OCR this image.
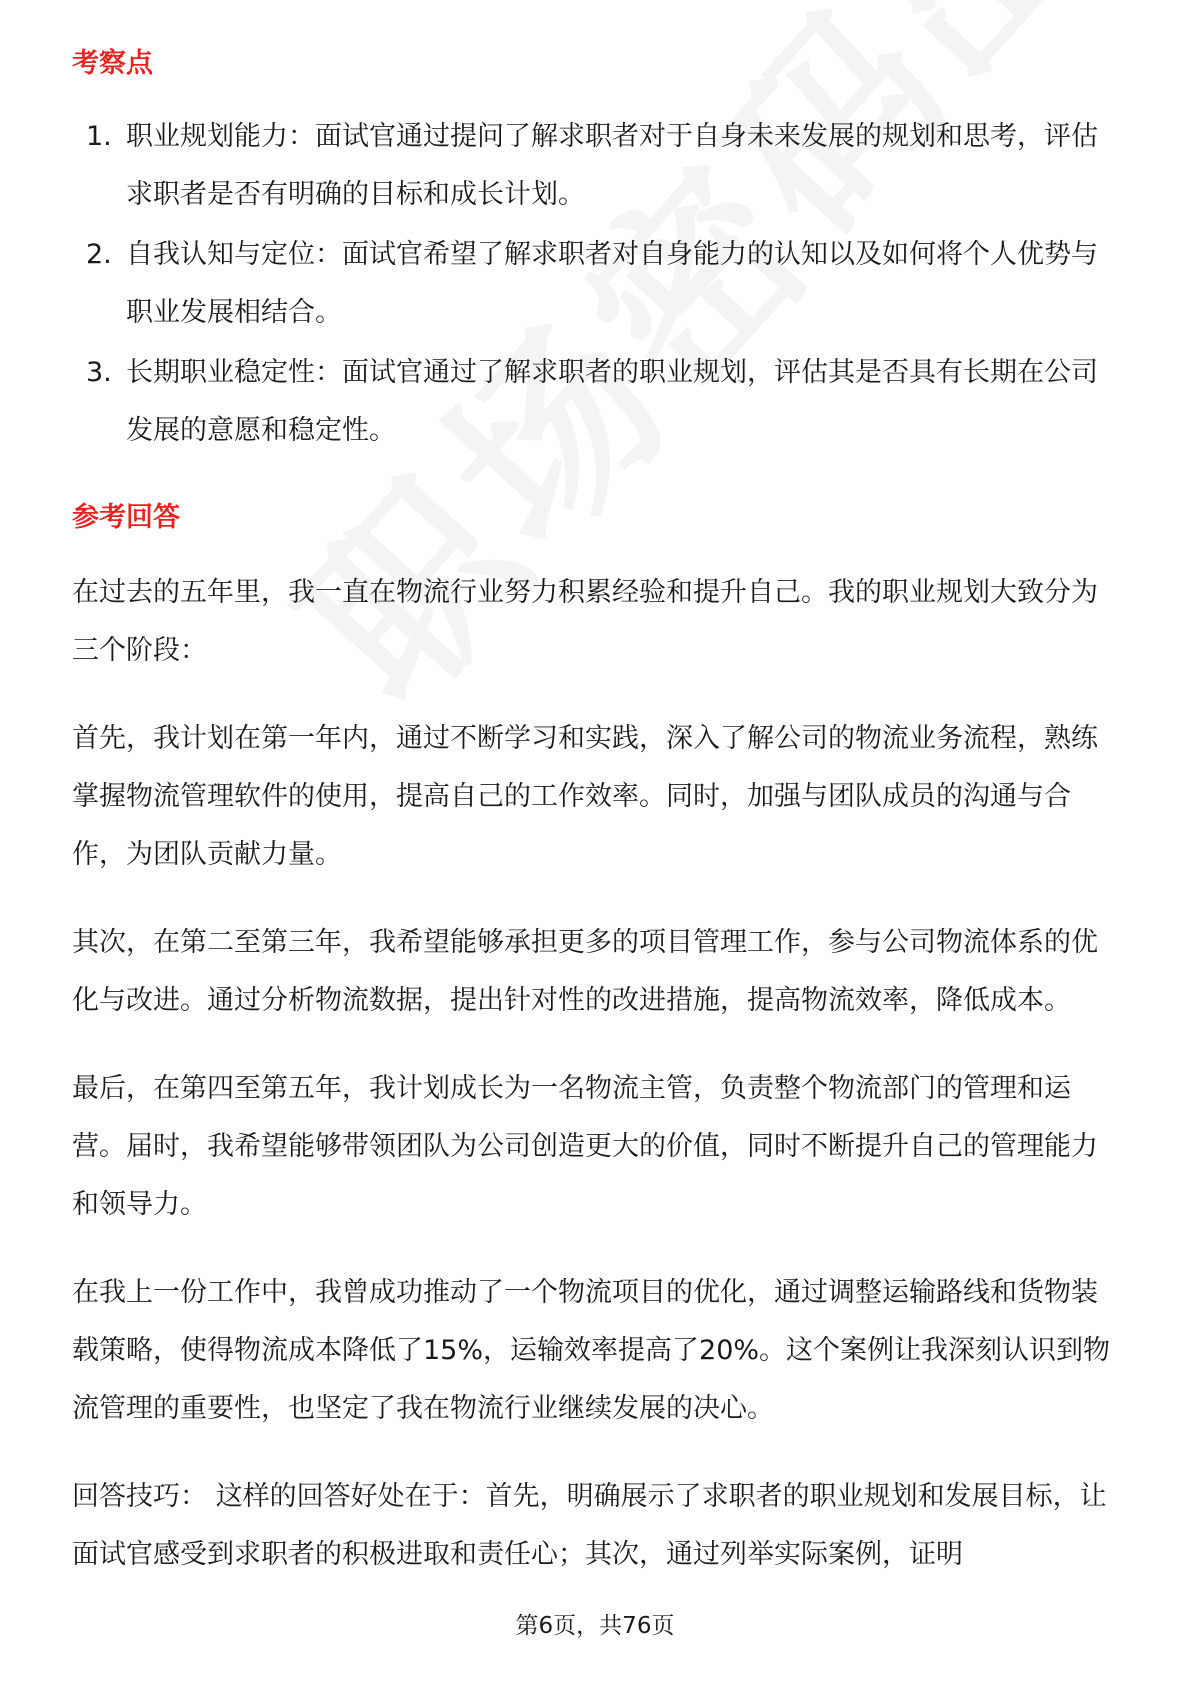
考察点
1. 职业规划能力：面试官通过提问了解求职者对于自身未来发展的规划和思考，评估求职者是否有明确的目标和成长计划。
2. 自我认知与定位：面试官希望了解求职者对自身能力的认知以及如何将个人优势与职业发展相结合。
3. 长期职业稳定性：面试官通过了解求职者的职业规划，评估其是否具有长期在公司发展的意愿和稳定性。
参考回答

在过去的五年里，我一直在物流行业努力积累经验和提升自己。我的职业规划大致分为三个阶段：

首先，我计划在第一年内，通过不断学习和实践，深入了解公司的物流业务流程，熟练掌握物流管理软件的使用，提高自己的工作效率。同时，加强与团队成员的沟通与合作，为团队贡献力量。

其次，在第二至第三年，我希望能够承担更多的项目管理工作，参与公司物流体系的优化与改进。通过分析物流数据，提出针对性的改进措施，提高物流效率，降低成本。

最后，在第四至第五年，我计划成长为一名物流主管，负责整个物流部门的管理和运营。届时，我希望能够带领团队为公司创造更大的价值，同时不断提升自己的管理能力和领导力。

在我上一份工作中，我曾成功推动了一个物流项目的优化，通过调整运输路线和货物装载策略，使得物流成本降低了15%，运输效率提高了20%。这个案例让我深刻认识到物流管理的重要性，也坚定了我在物流行业继续发展的决心。

回答技巧： 这样的回答好处在于：首先，明确展示了求职者的职业规划和发展目标，让面试官感受到求职者的积极进取和责任心；其次，通过列举实际案例，证明

第6页，共76页
